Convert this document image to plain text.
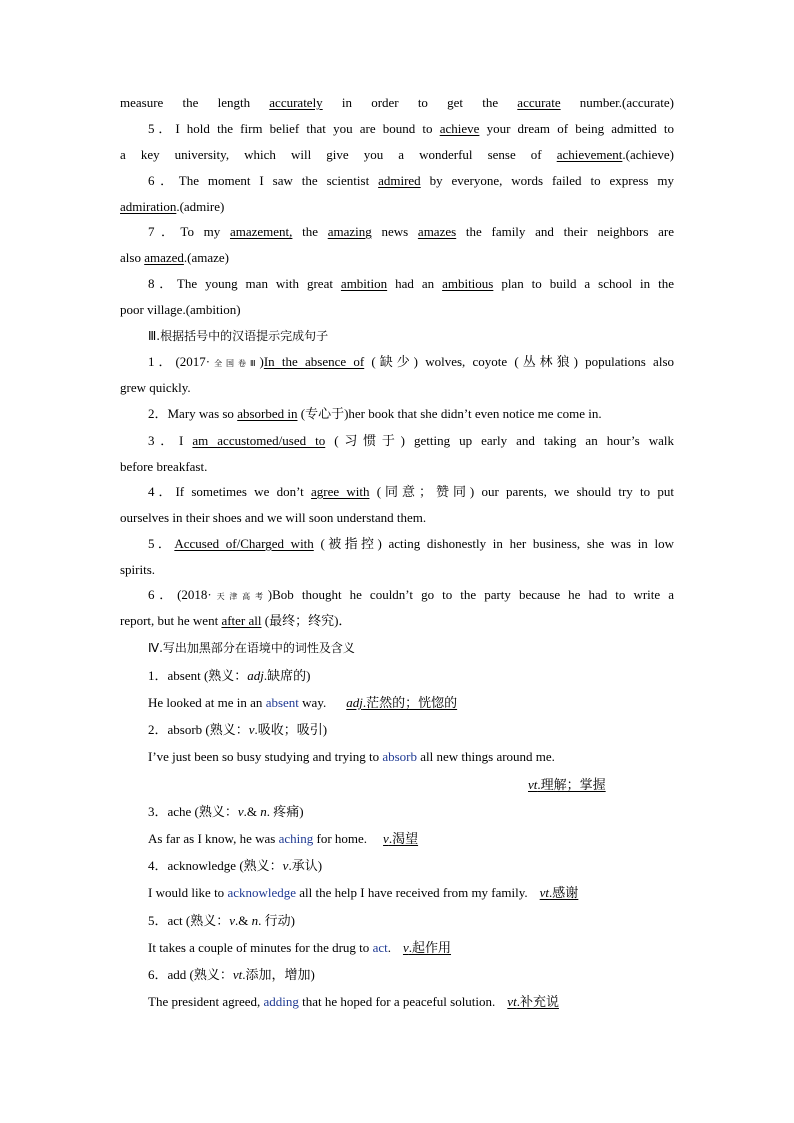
measure the length accurately in order to get the accurate number.(accurate)
5．I hold the firm belief that you are bound to achieve your dream of being admitted to
a key university, which will give you a wonderful sense of achievement.(achieve)
6．The moment I saw the scientist admired by everyone, words failed to express my
admiration.(admire)
7．To my amazement, the amazing news amazes the family and their neighbors are
also amazed.(amaze)
8．The young man with great ambition had an ambitious plan to build a school in the
poor village.(ambition)
Ⅲ.根据括号中的汉语提示完成句子
1．(2017·全国卷Ⅲ)In the absence of (缺少) wolves, coyote (丛林狼) populations also
grew quickly.
2．Mary was so absorbed in (专心于)her book that she didn’t even notice me come in.
3．I am accustomed/used to (习惯于) getting up early and taking an hour’s walk
before breakfast.
4．If sometimes we don’t agree with (同意；赞同) our parents, we should try to put
ourselves in their shoes and we will soon understand them.
5．Accused of/Charged with (被指控) acting dishonestly in her business, she was in low
spirits.
6．(2018·天津高考)Bob thought he couldn’t go to the party because he had to write a
report, but he went after all (最终；终究)．
Ⅳ.写出加黑部分在语境中的词性及含义
1．absent (熟义：adj.缺席的)
He looked at me in an absent way. adj.茫然的；恍惚的
2．absorb (熟义：v.吸收；吸引)
I’ve just been so busy studying and trying to absorb all new things around me.
vt.理解；掌握
3．ache (熟义：v.& n. 疼痛)
As far as I know, he was aching for home. v.渴望
4．acknowledge (熟义：v.承认)
I would like to acknowledge all the help I have received from my family. vt.感谢
5．act (熟义：v.& n. 行动)
It takes a couple of minutes for the drug to act. v.起作用
6．add (熟义：vt.添加，增加)
The president agreed, adding that he hoped for a peaceful solution. vt.补充说
